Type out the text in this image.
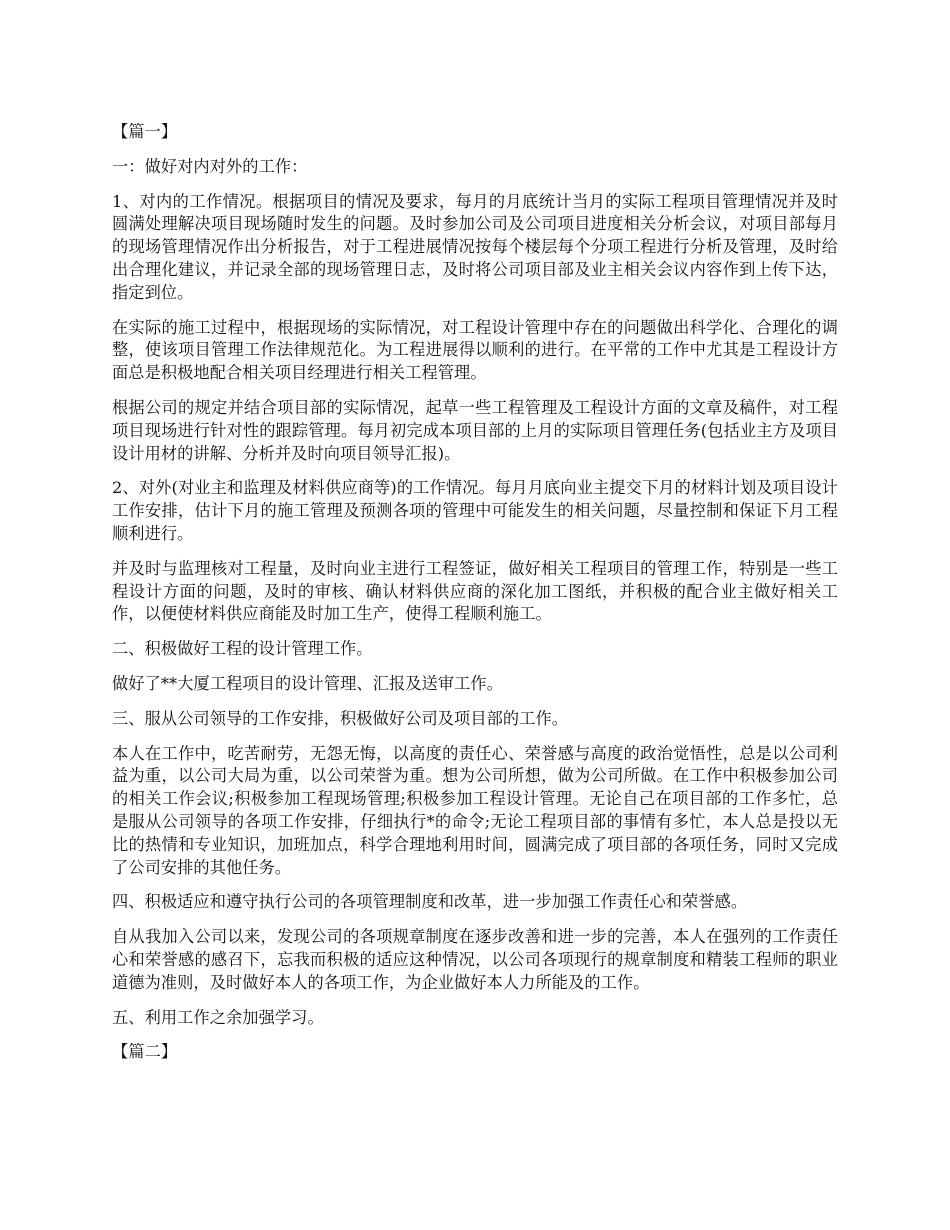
【篇一】

一：做好对内对外的工作：

1、对内的工作情况。根据项目的情况及要求，每月的月底统计当月的实际工程项目管理情况并及时圆满处理解决项目现场随时发生的问题。及时参加公司及公司项目进度相关分析会议，对项目部每月的现场管理情况作出分析报告，对于工程进展情况按每个楼层每个分项工程进行分析及管理，及时给出合理化建议，并记录全部的现场管理日志，及时将公司项目部及业主相关会议内容作到上传下达，指定到位。

在实际的施工过程中，根据现场的实际情况，对工程设计管理中存在的问题做出科学化、合理化的调整，使该项目管理工作法律规范化。为工程进展得以顺利的进行。在平常的工作中尤其是工程设计方面总是积极地配合相关项目经理进行相关工程管理。

根据公司的规定并结合项目部的实际情况，起草一些工程管理及工程设计方面的文章及稿件，对工程项目现场进行针对性的跟踪管理。每月初完成本项目部的上月的实际项目管理任务(包括业主方及项目设计用材的讲解、分析并及时向项目领导汇报)。

2、对外(对业主和监理及材料供应商等)的工作情况。每月月底向业主提交下月的材料计划及项目设计工作安排，估计下月的施工管理及预测各项的管理中可能发生的相关问题，尽量控制和保证下月工程顺利进行。

并及时与监理核对工程量，及时向业主进行工程签证，做好相关工程项目的管理工作，特别是一些工程设计方面的问题，及时的审核、确认材料供应商的深化加工图纸，并积极的配合业主做好相关工作，以便使材料供应商能及时加工生产，使得工程顺利施工。

二、积极做好工程的设计管理工作。

做好了**大厦工程项目的设计管理、汇报及送审工作。

三、服从公司领导的工作安排，积极做好公司及项目部的工作。

本人在工作中，吃苦耐劳，无怨无悔，以高度的责任心、荣誉感与高度的政治觉悟性，总是以公司利益为重，以公司大局为重，以公司荣誉为重。想为公司所想，做为公司所做。在工作中积极参加公司的相关工作会议;积极参加工程现场管理;积极参加工程设计管理。无论自己在项目部的工作多忙，总是服从公司领导的各项工作安排，仔细执行*的命令;无论工程项目部的事情有多忙，本人总是投以无比的热情和专业知识，加班加点，科学合理地利用时间，圆满完成了项目部的各项任务，同时又完成了公司安排的其他任务。

四、积极适应和遵守执行公司的各项管理制度和改革，进一步加强工作责任心和荣誉感。

自从我加入公司以来，发现公司的各项规章制度在逐步改善和进一步的完善，本人在强列的工作责任心和荣誉感的感召下，忘我而积极的适应这种情况，以公司各项现行的规章制度和精装工程师的职业道德为准则，及时做好本人的各项工作，为企业做好本人力所能及的工作。

五、利用工作之余加强学习。

【篇二】
